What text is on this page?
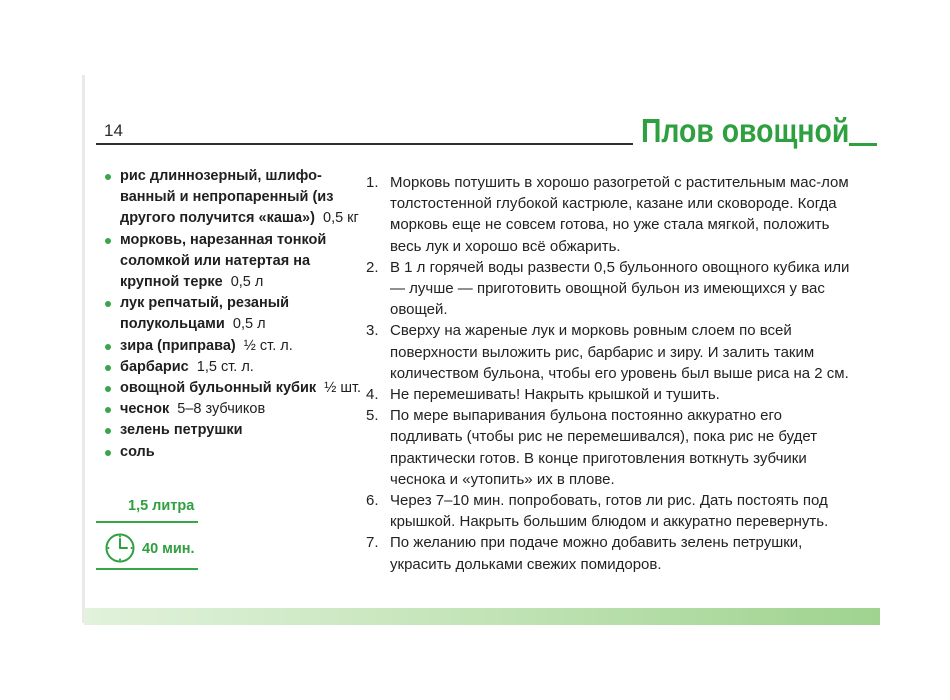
14	Плов овощной
рис длиннозерный, шлифо-ванный и непропаренный (из другого получится «каша») 0,5 кг
морковь, нарезанная тонкой соломкой или натертая на крупной терке 0,5 л
лук репчатый, резаный полукольцами 0,5 л
зира (приправа) ½ ст. л.
барбарис 1,5 ст. л.
овощной бульонный кубик ½ шт.
чеснок 5–8 зубчиков
зелень петрушки
соль
1,5 литра
40 мин.
1. Морковь потушить в хорошо разогретой с растительным мас-лом толстостенной глубокой кастрюле, казане или сковороде. Когда морковь еще не совсем готова, но уже стала мягкой, положить весь лук и хорошо всё обжарить.
2. В 1 л горячей воды развести 0,5 бульонного овощного кубика или — лучше — приготовить овощной бульон из имеющихся у вас овощей.
3. Сверху на жареные лук и морковь ровным слоем по всей поверхности выложить рис, барбарис и зиру. И залить таким количеством бульона, чтобы его уровень был выше риса на 2 см.
4. Не перемешивать! Накрыть крышкой и тушить.
5. По мере выпаривания бульона постоянно аккуратно его подливать (чтобы рис не перемешивался), пока рис не будет практически готов. В конце приготовления воткнуть зубчики чеснока и «утопить» их в плове.
6. Через 7–10 мин. попробовать, готов ли рис. Дать постоять под крышкой. Накрыть большим блюдом и аккуратно перевернуть.
7. По желанию при подаче можно добавить зелень петрушки, украсить дольками свежих помидоров.
